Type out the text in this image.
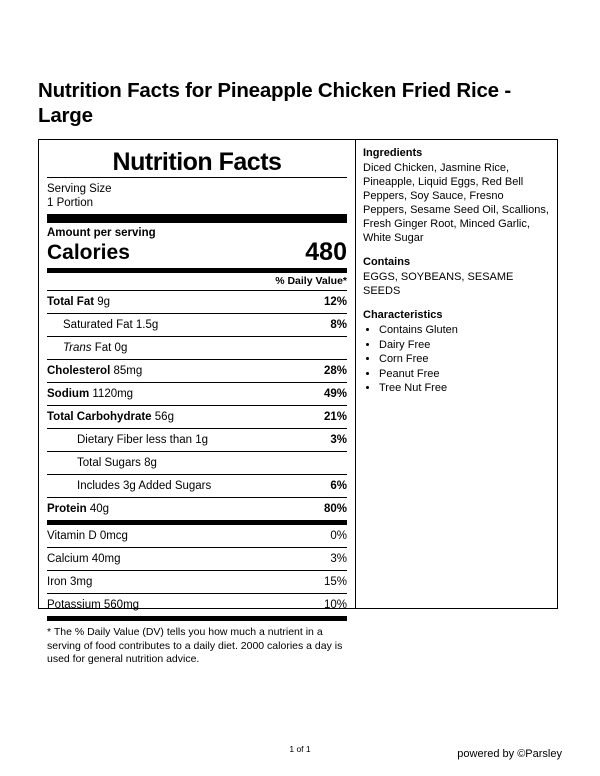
Nutrition Facts for Pineapple Chicken Fried Rice - Large
Nutrition Facts
Serving Size
1 Portion
Amount per serving
Calories	480
% Daily Value*
Total Fat 9g	12%
Saturated Fat 1.5g	8%
Trans Fat 0g
Cholesterol 85mg	28%
Sodium 1120mg	49%
Total Carbohydrate 56g	21%
Dietary Fiber less than 1g	3%
Total Sugars 8g
Includes 3g Added Sugars	6%
Protein 40g	80%
Vitamin D 0mcg	0%
Calcium 40mg	3%
Iron 3mg	15%
Potassium 560mg	10%
* The % Daily Value (DV) tells you how much a nutrient in a serving of food contributes to a daily diet. 2000 calories a day is used for general nutrition advice.
Ingredients
Diced Chicken, Jasmine Rice, Pineapple, Liquid Eggs, Red Bell Peppers, Soy Sauce, Fresno Peppers, Sesame Seed Oil, Scallions, Fresh Ginger Root, Minced Garlic, White Sugar
Contains
EGGS, SOYBEANS, SESAME SEEDS
Characteristics
• Contains Gluten
• Dairy Free
• Corn Free
• Peanut Free
• Tree Nut Free
1 of 1	powered by ©Parsley
